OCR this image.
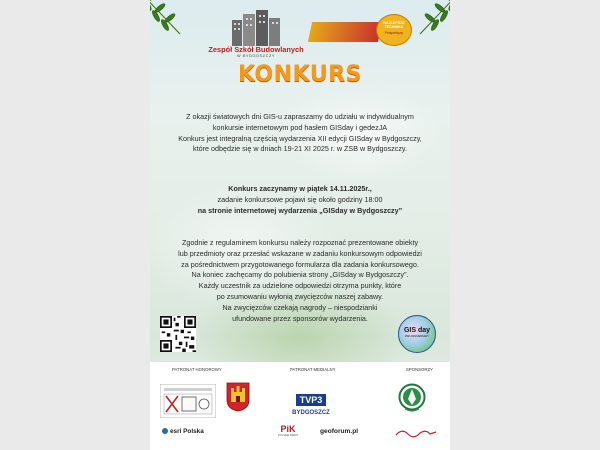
Zespół Szkół Budowlanych
W BYDGOSZCZY
NAJLEPSZE
TECHNIKA
Perspektywy
KONKURS
Z okazji światowych dni GIS-u zapraszamy do udziału w indywidualnym
konkursie internetowym pod hasłem GISday i gedezJA
Konkurs jest integralną częścią wydarzenia XII edycji GISday w Bydgoszczy,
które odbędzie się w dniach 19-21 XI 2025 r. w ZSB w Bydgoszczy.
Konkurs zaczynamy w piątek 14.11.2025r.,
zadanie konkursowe pojawi się około godziny 18:00
na stronie internetowej wydarzenia „GISday w Bydgoszczy”
Zgodnie z regulaminem konkursu należy rozpoznać prezentowane obiekty
lub przedmioty oraz przesłać wskazane w zadaniu konkursowym odpowiedzi
za pośrednictwem przygotowanego formularza dla zadania konkursowego.
Na koniec zachęcamy do polubienia strony „GISday w Bydgoszczy”.
Każdy uczestnik za udzielone odpowiedzi otrzyma punkty, które
po zsumowaniu wyłonią zwycięzców naszej zabawy.
Na zwycięzców czekają nagrody – niespodzianki
ufundowane przez sponsorów wydarzenia.
GIS day
25th ANNIVERSARY
PATRONAT HONOROWY	PATRONAT MEDIALNY	SPONSORZY
TVP3
BYDGOSZCZ
esri Polska	PiK
POLSKIE RADIO
geoforum.pl
